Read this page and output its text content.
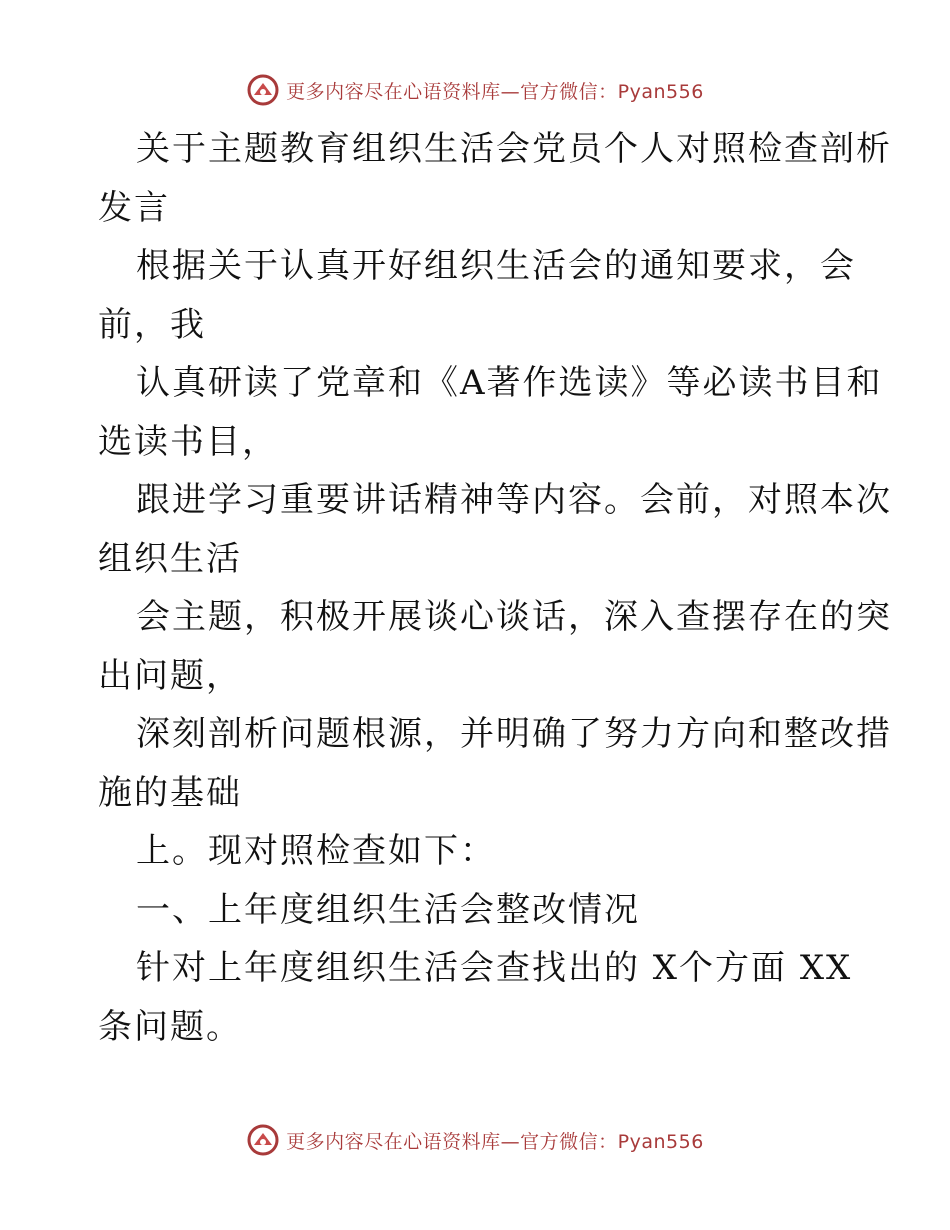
更多内容尽在心语资料库—官方微信：Pyan556
关于主题教育组织生活会党员个人对照检查剖析
发言
根据关于认真开好组织生活会的通知要求，会
前，我
认真研读了党章和《A著作选读》等必读书目和
选读书目，
跟进学习重要讲话精神等内容。会前，对照本次
组织生活
会主题，积极开展谈心谈话，深入查摆存在的突
出问题，
深刻剖析问题根源，并明确了努力方向和整改措
施的基础
上。现对照检查如下：
一、上年度组织生活会整改情况
针对上年度组织生活会查找出的 X个方面 XX
条问题。
更多内容尽在心语资料库—官方微信：Pyan556
